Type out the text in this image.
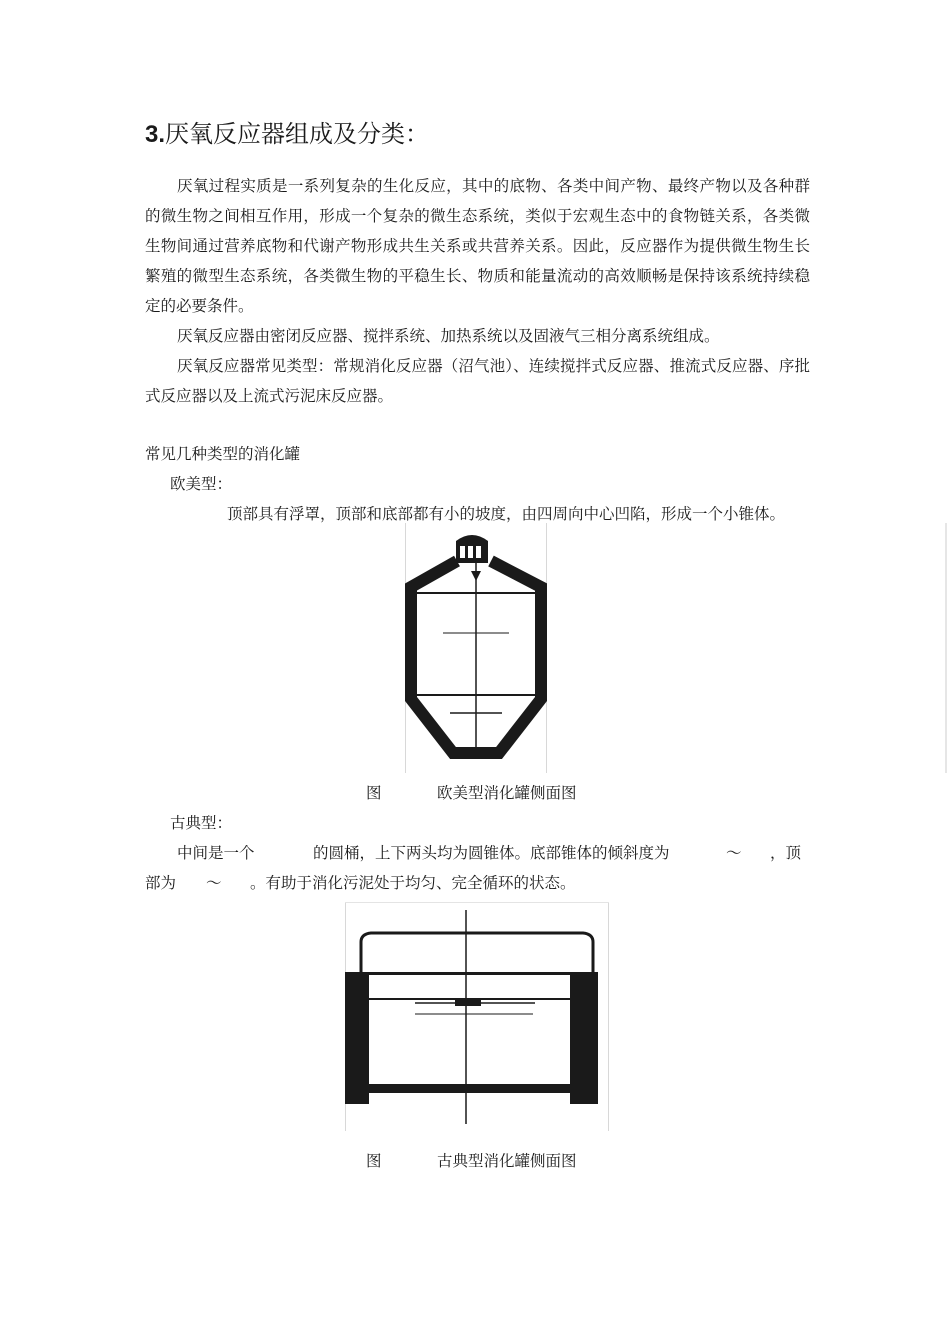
3.厌氧反应器组成及分类：

厌氧过程实质是一系列复杂的生化反应，其中的底物、各类中间产物、最终产物以及各种群的微生物之间相互作用，形成一个复杂的微生态系统，类似于宏观生态中的食物链关系，各类微生物间通过营养底物和代谢产物形成共生关系或共营养关系。因此，反应器作为提供微生物生长繁殖的微型生态系统，各类微生物的平稳生长、物质和能量流动的高效顺畅是保持该系统持续稳定的必要条件。

厌氧反应器由密闭反应器、搅拌系统、加热系统以及固液气三相分离系统组成。

厌氧反应器常见类型：常规消化反应器（沼气池）、连续搅拌式反应器、推流式反应器、序批式反应器以及上流式污泥床反应器。

常见几种类型的消化罐
欧美型：
顶部具有浮罩，顶部和底部都有小的坡度，由四周向中心凹陷，形成一个小锥体。
图	欧美型消化罐侧面图
古典型：
中间是一个	的圆桶，上下两头均为圆锥体。底部锥体的倾斜度为	～ ，顶
部为 ～ 。有助于消化污泥处于均匀、完全循环的状态。
图	古典型消化罐侧面图
